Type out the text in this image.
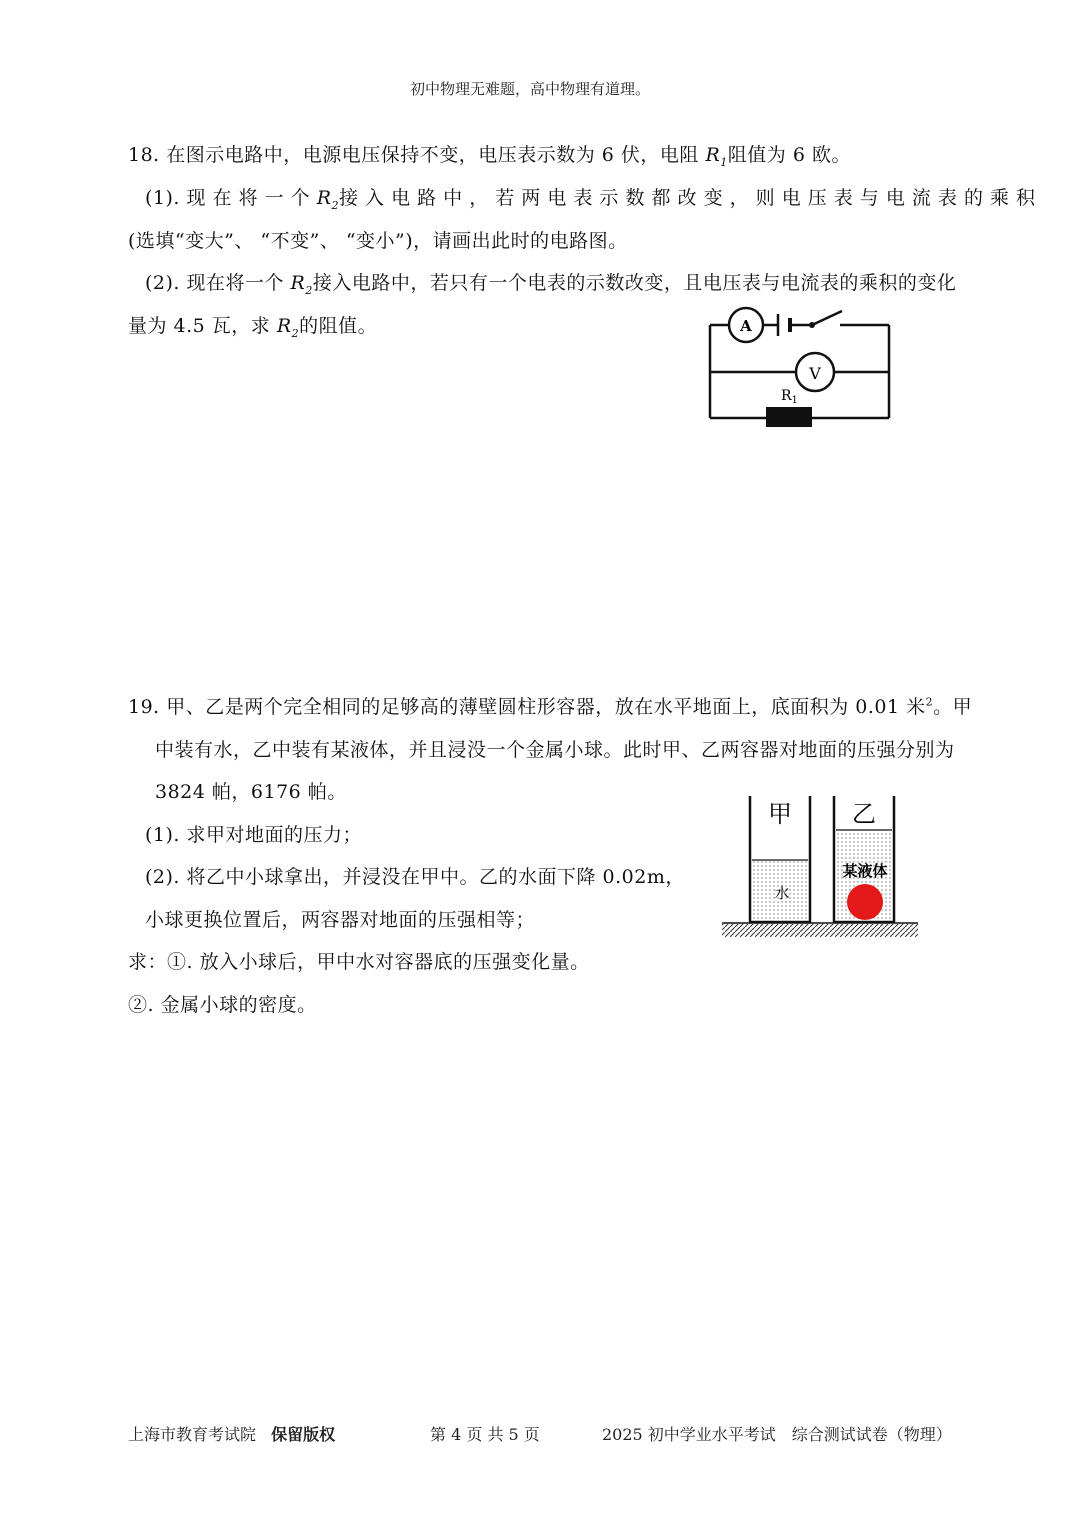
初中物理无难题，高中物理有道理。
18. 在图示电路中，电源电压保持不变，电压表示数为 6 伏，电阻 $R_1$阻值为 6 欧。
(1). 现 在 将 一 个 $R_2$接 入 电 路 中 ， 若 两 电 表 示 数 都 改 变 ， 则 电 压 表 与 电 流 表 的 乘 积
(选填“变大”、 “不变”、 “变小”)，请画出此时的电路图。
(2). 现在将一个 $R_2$接入电路中，若只有一个电表的示数改变，且电压表与电流表的乘积的变化
量为 4.5 瓦，求 $R_2$的阻值。	A
V
$R_1$
19. 甲、乙是两个完全相同的足够高的薄壁圆柱形容器，放在水平地面上，底面积为 0.01 米$^2$。甲
中装有水，乙中装有某液体，并且浸没一个金属小球。此时甲、乙两容器对地面的压强分别为
3824 帕，6176 帕。
(1). 求甲对地面的压力；
(2). 将乙中小球拿出，并浸没在甲中。乙的水面下降 0.02m，
小球更换位置后，两容器对地面的压强相等；
求：①. 放入小球后，甲中水对容器底的压强变化量。
②. 金属小球的密度。
甲	乙
水
某液体
上海市教育考试院 保留版权	第 4 页 共 5 页	2025 初中学业水平考试　综合测试试卷（物理）
